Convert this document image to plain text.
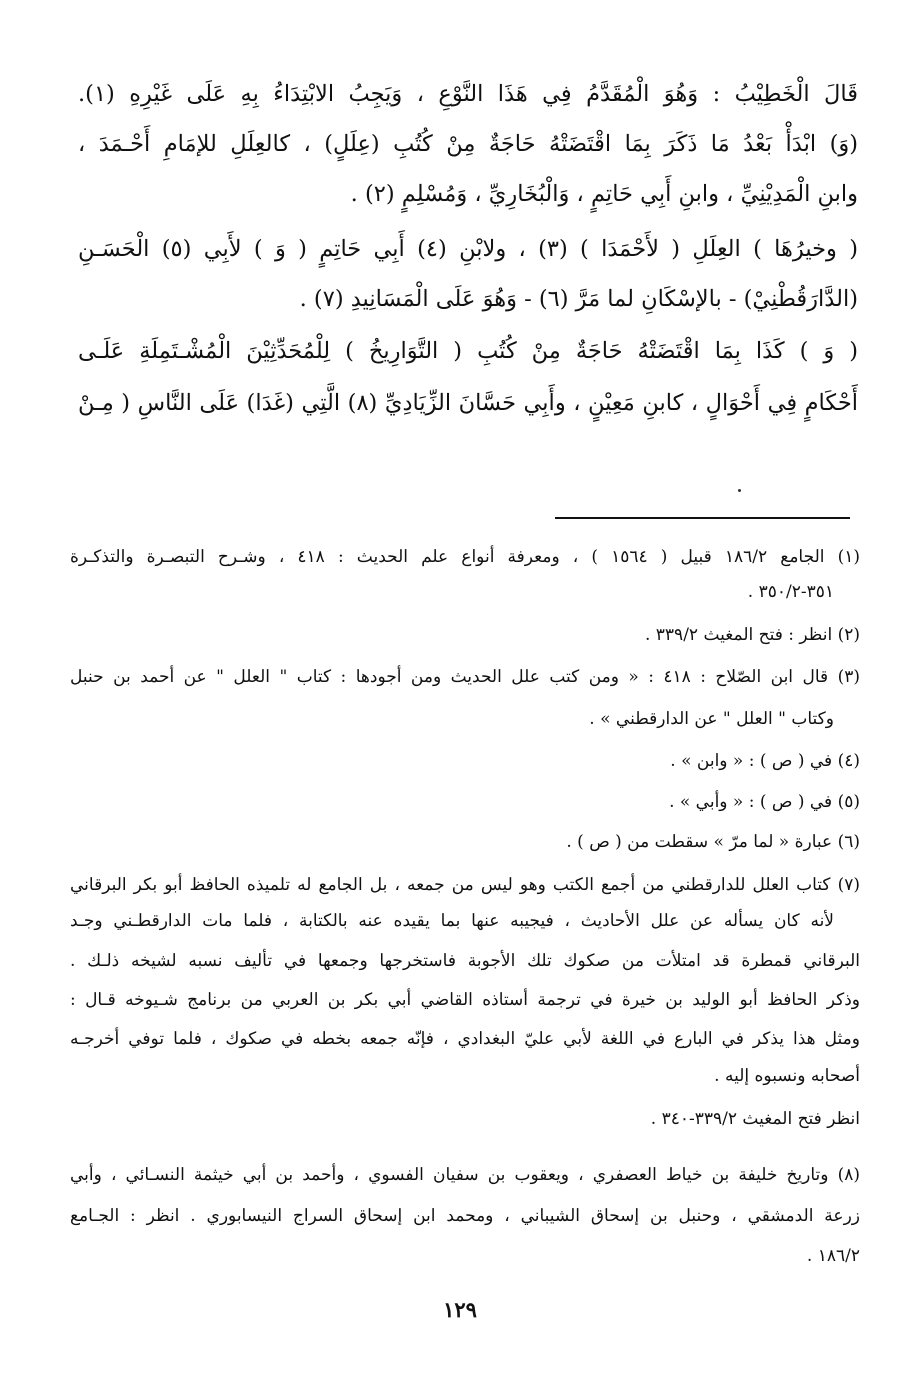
قَالَ الْخَطِيْبُ : وَهُوَ الْمُقَدَّمُ فِي هَذَا النَّوْعِ ، وَيَجِبُ الابْتِدَاءُ بِهِ عَلَى غَيْرِهِ (١).
(وَ) ابْدَأْ بَعْدُ مَا ذَكَرَ بِمَا اقْتَضَتْهُ حَاجَةٌ مِنْ كُتُبِ (عِلَلٍ) ، كالعِلَلِ للإمَامِ أَحْـمَدَ ،
وابنِ الْمَدِيْنِيِّ ، وابنِ أَبِي حَاتِمٍ ، وَالْبُخَارِيِّ ، وَمُسْلِمٍ (٢) .
( وخيرُهَا ) العِلَلِ ( لأَحْمَدَا ) (٣) ، ولابْنِ (٤) أَبِي حَاتِمٍ ( وَ ) لأَبِي (٥) الْحَسَـنِ
(الدَّارَقُطْنِيْ) - بالإسْكَانِ لما مَرَّ (٦) - وَهُوَ عَلَى الْمَسَانِيدِ (٧) .
( وَ ) كَذَا بِمَا اقْتَضَتْهُ حَاجَةٌ مِنْ كُتُبِ ( التَّوَارِيخُ ) لِلْمُحَدِّثِيْنَ الْمُشْـتَمِلَةِ عَلَـى
أَحْكَامٍ فِي أَحْوَالٍ ، كابنِ مَعِيْنٍ ، وأَبِي حَسَّانَ الزِّيَادِيِّ (٨) الَّتِي (غَدَا) عَلَى النَّاسِ ( مِـنْ
(١) الجامع ١٨٦/٢ قبيل ( ١٥٦٤ ) ، ومعرفة أنواع علم الحديث : ٤١٨ ، وشـرح التبصـرة والتذكـرة
٣٥١-٣٥٠/٢ .
(٢) انظر : فتح المغيث ٣٣٩/٢ .
(٣) قال ابن الصّلاح : ٤١٨ : « ومن كتب علل الحديث ومن أجودها : كتاب " العلل " عن أحمد بن حنبل
وكتاب " العلل " عن الدارقطني » .
(٤) في ( ص ) : « وابن » .
(٥) في ( ص ) : « وأبي » .
(٦) عبارة « لما مرّ » سقطت من ( ص ) .
(٧) كتاب العلل للدارقطني من أجمع الكتب وهو ليس من جمعه ، بل الجامع له تلميذه الحافظ أبو بكر البرقاني
لأنه كان يسأله عن علل الأحاديث ، فيجيبه عنها بما يقيده عنه بالكتابة ، فلما مات الدارقطـني وجـد
البرقاني قمطرة قد امتلأت من صكوك تلك الأجوبة فاستخرجها وجمعها في تأليف نسبه لشيخه ذلـك .
وذكر الحافظ أبو الوليد بن خيرة في ترجمة أستاذه القاضي أبي بكر بن العربي من برنامج شـيوخه قـال :
ومثل هذا يذكر في البارع في اللغة لأبي عليّ البغدادي ، فإنّه جمعه بخطه في صكوك ، فلما توفي أخرجـه
أصحابه ونسبوه إليه .
انظر فتح المغيث ٣٣٩/٢-٣٤٠ .
(٨) وتاريخ خليفة بن خياط العصفري ، ويعقوب بن سفيان الفسوي ، وأحمد بن أبي خيثمة النسـائي ، وأبي
زرعة الدمشقي ، وحنبل بن إسحاق الشيباني ، ومحمد ابن إسحاق السراج النيسابوري . انظر : الجـامع
١٨٦/٢ .
١٢٩
